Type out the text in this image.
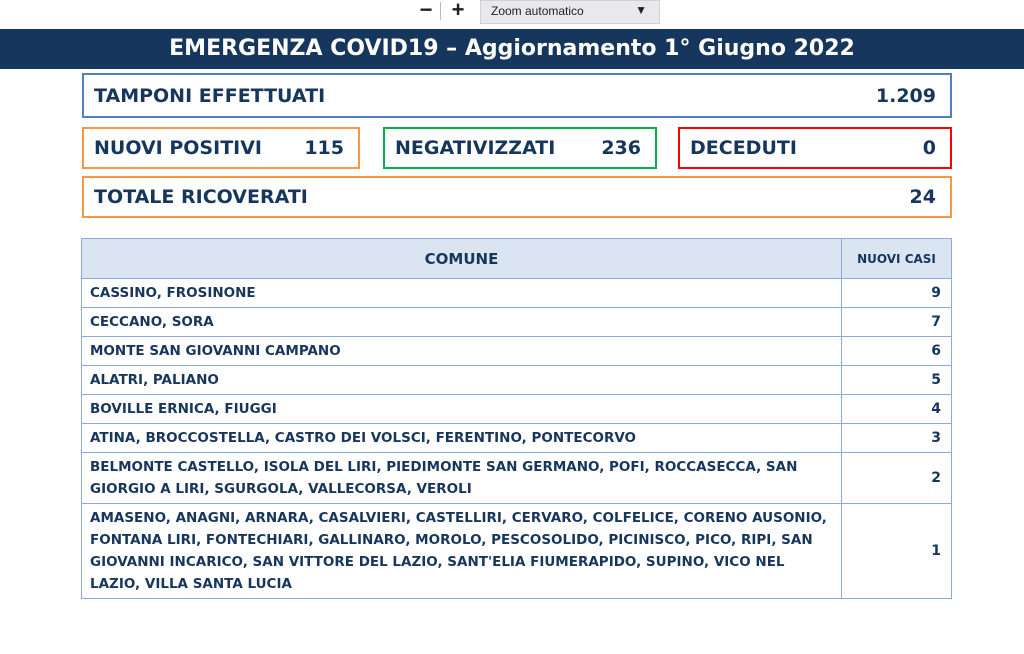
− +	Zoom automatico	▼
EMERGENZA COVID19 – Aggiornamento 1° Giugno 2022
TAMPONI EFFETTUATI	1.209
NUOVI POSITIVI 115	NEGATIVIZZATI 236	DECEDUTI	0
TOTALE RICOVERATI	24
COMUNE	NUOVI CASI
CASSINO, FROSINONE	9
CECCANO, SORA	7
MONTE SAN GIOVANNI CAMPANO	6
ALATRI, PALIANO	5
BOVILLE ERNICA, FIUGGI	4
ATINA, BROCCOSTELLA, CASTRO DEI VOLSCI, FERENTINO, PONTECORVO	3
BELMONTE CASTELLO, ISOLA DEL LIRI, PIEDIMONTE SAN GERMANO, POFI, ROCCASECCA, SAN GIORGIO A LIRI, SGURGOLA, VALLECORSA, VEROLI	2
AMASENO, ANAGNI, ARNARA, CASALVIERI, CASTELLIRI, CERVARO, COLFELICE, CORENO AUSONIO, FONTANA LIRI, FONTECHIARI, GALLINARO, MOROLO, PESCOSOLIDO, PICINISCO, PICO, RIPI, SAN GIOVANNI INCARICO, SAN VITTORE DEL LAZIO, SANT'ELIA FIUMERAPIDO, SUPINO, VICO NEL LAZIO, VILLA SANTA LUCIA	1
